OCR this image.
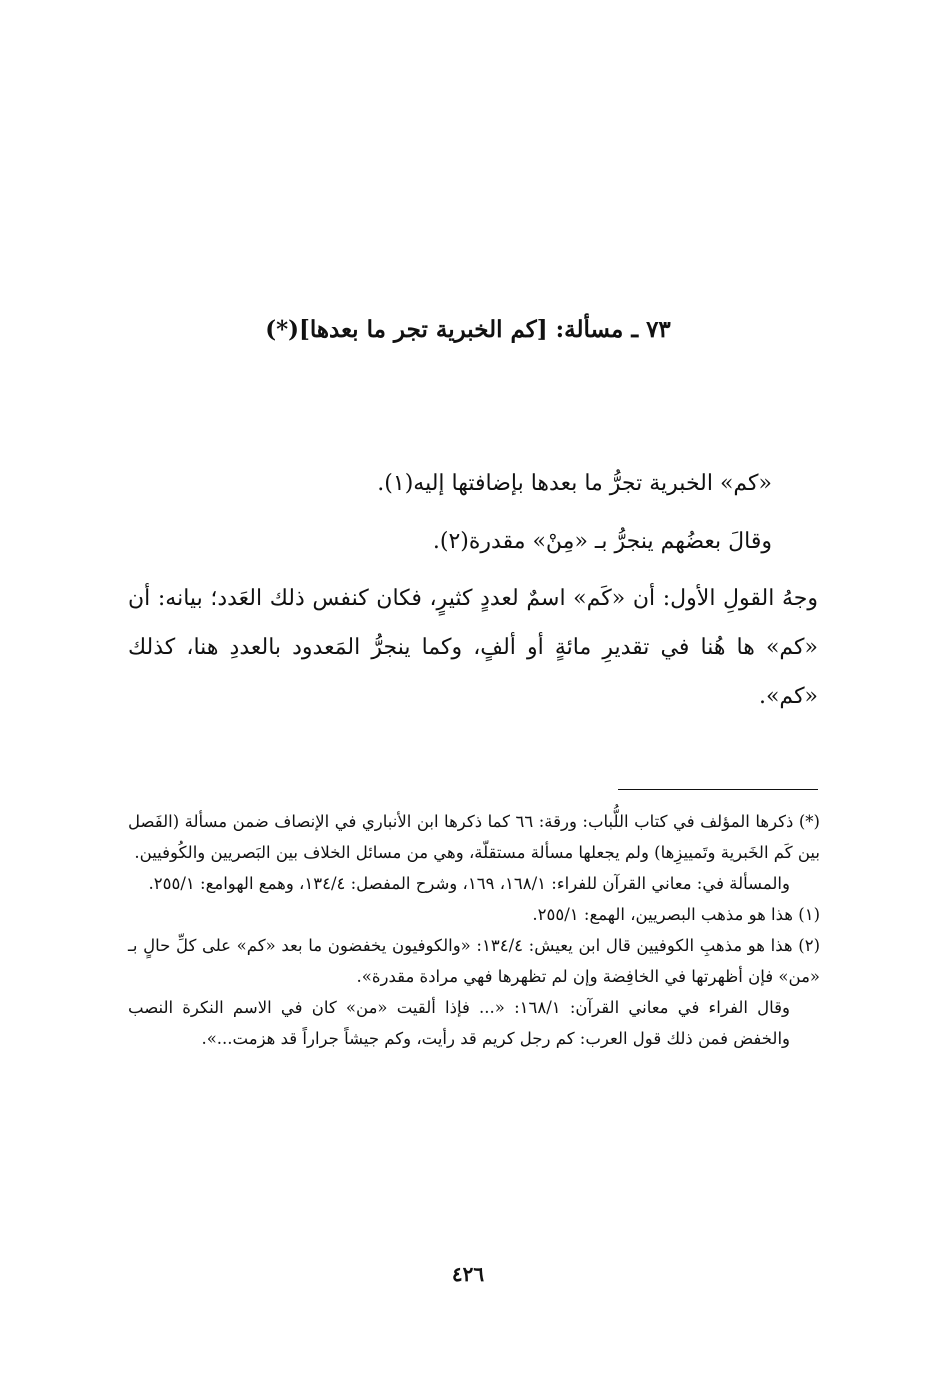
٧٣ ـ مسألة: [كم الخبرية تجر ما بعدها](*)

«كم» الخبرية تجرُّ ما بعدها بإضافتها إليه(١).

وقالَ بعضُهم ينجرُّ بـ «مِنْ» مقدرة(٢).

وجهُ القولِ الأول: أن «كَم» اسمٌ لعددٍ كثيرٍ، فكان كنفس ذلك العَدد؛ بيانه: أن «كم» ها هُنا في تقديرِ مائةٍ أو ألفٍ، وكما ينجرُّ المَعدود بالعددِ هنا، كذلك «كم».

(*) ذكرها المؤلف في كتاب اللُّباب: ورقة: ٦٦ كما ذكرها ابن الأنباري في الإنصاف ضمن مسألة (الفَصل بين كَم الخَبرية وتَمييزِها) ولم يجعلها مسألة مستقلّة، وهي من مسائل الخلاف بين البَصريين والكُوفيين.

والمسألة في: معاني القرآن للفراء: ١٦٨/١، ١٦٩، وشرح المفصل: ١٣٤/٤، وهمع الهوامع: ٢٥٥/١.

(١) هذا هو مذهب البصريين، الهمع: ٢٥٥/١.

(٢) هذا هو مذهبِ الكوفيين قال ابن يعيش: ١٣٤/٤: «والكوفيون يخفضون ما بعد «كم» على كلِّ حالٍ بـ «من» فإن أظهرتها في الخافِضة وإن لم تظهرها فهي مرادة مقدرة».

وقال الفراء في معاني القرآن: ١٦٨/١: «... فإذا ألقيت «من» كان في الاسم النكرة النصب والخفض فمن ذلك قول العرب: كم رجل كريم قد رأيت، وكم جيشاً جراراً قد هزمت...».

٤٢٦
